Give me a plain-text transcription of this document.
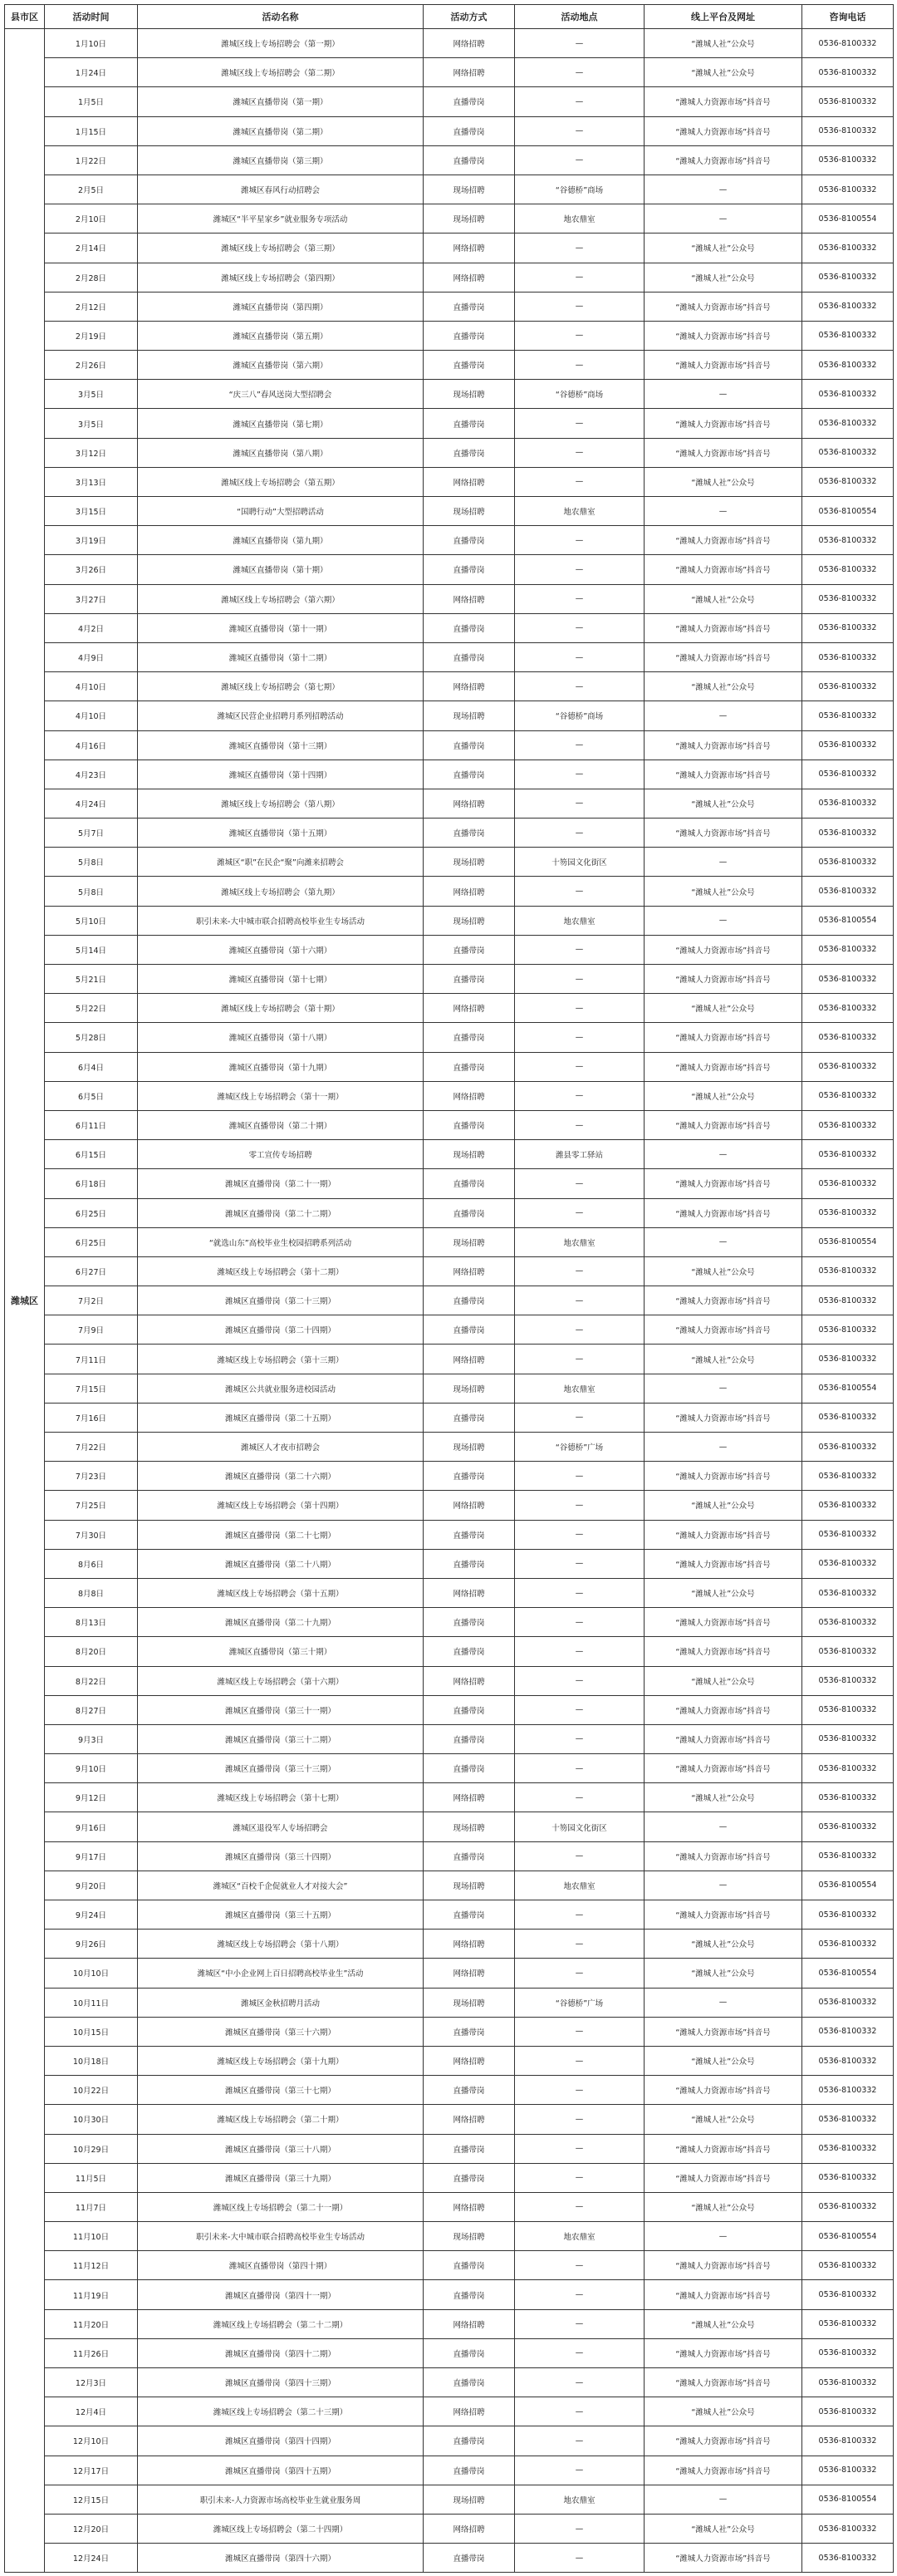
县市区	活动时间	活动名称	活动方式	活动地点	线上平台及网址	咨询电话
潍城区	1月10日	潍城区线上专场招聘会（第一期）	网络招聘	—	“潍城人社”公众号	0536-8100332
	1月24日	潍城区线上专场招聘会（第二期）	网络招聘	—	“潍城人社”公众号	0536-8100332
	1月5日	潍城区直播带岗（第一期）	直播带岗	—	“潍城人力资源市场”抖音号	0536-8100332
	1月15日	潍城区直播带岗（第二期）	直播带岗	—	“潍城人力资源市场”抖音号	0536-8100332
	1月22日	潍城区直播带岗（第三期）	直播带岗	—	“潍城人力资源市场”抖音号	0536-8100332
	2月5日	潍城区春风行动招聘会	现场招聘	“谷德桥”商场	—	0536-8100332
	2月10日	潍城区“半平星家乡”就业服务专项活动	现场招聘	地农鼎室	—	0536-8100554
	2月14日	潍城区线上专场招聘会（第三期）	网络招聘	—	“潍城人社”公众号	0536-8100332
	2月28日	潍城区线上专场招聘会（第四期）	网络招聘	—	“潍城人社”公众号	0536-8100332
	2月12日	潍城区直播带岗（第四期）	直播带岗	—	“潍城人力资源市场”抖音号	0536-8100332
	2月19日	潍城区直播带岗（第五期）	直播带岗	—	“潍城人力资源市场”抖音号	0536-8100332
	2月26日	潍城区直播带岗（第六期）	直播带岗	—	“潍城人力资源市场”抖音号	0536-8100332
	3月5日	“庆三八”春风送岗大型招聘会	现场招聘	“谷德桥”商场	—	0536-8100332
	3月5日	潍城区直播带岗（第七期）	直播带岗	—	“潍城人力资源市场”抖音号	0536-8100332
	3月12日	潍城区直播带岗（第八期）	直播带岗	—	“潍城人力资源市场”抖音号	0536-8100332
	3月13日	潍城区线上专场招聘会（第五期）	网络招聘	—	“潍城人社”公众号	0536-8100332
	3月15日	“国聘行动”大型招聘活动	现场招聘	地农鼎室	—	0536-8100554
	3月19日	潍城区直播带岗（第九期）	直播带岗	—	“潍城人力资源市场”抖音号	0536-8100332
	3月26日	潍城区直播带岗（第十期）	直播带岗	—	“潍城人力资源市场”抖音号	0536-8100332
	3月27日	潍城区线上专场招聘会（第六期）	网络招聘	—	“潍城人社”公众号	0536-8100332
	4月2日	潍城区直播带岗（第十一期）	直播带岗	—	“潍城人力资源市场”抖音号	0536-8100332
	4月9日	潍城区直播带岗（第十二期）	直播带岗	—	“潍城人力资源市场”抖音号	0536-8100332
	4月10日	潍城区线上专场招聘会（第七期）	网络招聘	—	“潍城人社”公众号	0536-8100332
	4月10日	潍城区民营企业招聘月系列招聘活动	现场招聘	“谷德桥”商场	—	0536-8100332
	4月16日	潍城区直播带岗（第十三期）	直播带岗	—	“潍城人力资源市场”抖音号	0536-8100332
	4月23日	潍城区直播带岗（第十四期）	直播带岗	—	“潍城人力资源市场”抖音号	0536-8100332
	4月24日	潍城区线上专场招聘会（第八期）	网络招聘	—	“潍城人社”公众号	0536-8100332
	5月7日	潍城区直播带岗（第十五期）	直播带岗	—	“潍城人力资源市场”抖音号	0536-8100332
	5月8日	潍城区“职”在民企“聚”向潍来招聘会	现场招聘	十笏园文化街区	—	0536-8100332
	5月8日	潍城区线上专场招聘会（第九期）	网络招聘	—	“潍城人社”公众号	0536-8100332
	5月10日	职引未来-大中城市联合招聘高校毕业生专场活动	现场招聘	地农鼎室	—	0536-8100554
	5月14日	潍城区直播带岗（第十六期）	直播带岗	—	“潍城人力资源市场”抖音号	0536-8100332
	5月21日	潍城区直播带岗（第十七期）	直播带岗	—	“潍城人力资源市场”抖音号	0536-8100332
	5月22日	潍城区线上专场招聘会（第十期）	网络招聘	—	“潍城人社”公众号	0536-8100332
	5月28日	潍城区直播带岗（第十八期）	直播带岗	—	“潍城人力资源市场”抖音号	0536-8100332
	6月4日	潍城区直播带岗（第十九期）	直播带岗	—	“潍城人力资源市场”抖音号	0536-8100332
	6月5日	潍城区线上专场招聘会（第十一期）	网络招聘	—	“潍城人社”公众号	0536-8100332
	6月11日	潍城区直播带岗（第二十期）	直播带岗	—	“潍城人力资源市场”抖音号	0536-8100332
	6月15日	零工宣传专场招聘	现场招聘	潍县零工驿站	—	0536-8100332
	6月18日	潍城区直播带岗（第二十一期）	直播带岗	—	“潍城人力资源市场”抖音号	0536-8100332
	6月25日	潍城区直播带岗（第二十二期）	直播带岗	—	“潍城人力资源市场”抖音号	0536-8100332
	6月25日	“就选山东”高校毕业生校园招聘系列活动	现场招聘	地农鼎室	—	0536-8100554
	6月27日	潍城区线上专场招聘会（第十二期）	网络招聘	—	“潍城人社”公众号	0536-8100332
	7月2日	潍城区直播带岗（第二十三期）	直播带岗	—	“潍城人力资源市场”抖音号	0536-8100332
	7月9日	潍城区直播带岗（第二十四期）	直播带岗	—	“潍城人力资源市场”抖音号	0536-8100332
	7月11日	潍城区线上专场招聘会（第十三期）	网络招聘	—	“潍城人社”公众号	0536-8100332
	7月15日	潍城区公共就业服务进校园活动	现场招聘	地农鼎室	—	0536-8100554
	7月16日	潍城区直播带岗（第二十五期）	直播带岗	—	“潍城人力资源市场”抖音号	0536-8100332
	7月22日	潍城区人才夜市招聘会	现场招聘	“谷德桥”广场	—	0536-8100332
	7月23日	潍城区直播带岗（第二十六期）	直播带岗	—	“潍城人力资源市场”抖音号	0536-8100332
	7月25日	潍城区线上专场招聘会（第十四期）	网络招聘	—	“潍城人社”公众号	0536-8100332
	7月30日	潍城区直播带岗（第二十七期）	直播带岗	—	“潍城人力资源市场”抖音号	0536-8100332
	8月6日	潍城区直播带岗（第二十八期）	直播带岗	—	“潍城人力资源市场”抖音号	0536-8100332
	8月8日	潍城区线上专场招聘会（第十五期）	网络招聘	—	“潍城人社”公众号	0536-8100332
	8月13日	潍城区直播带岗（第二十九期）	直播带岗	—	“潍城人力资源市场”抖音号	0536-8100332
	8月20日	潍城区直播带岗（第三十期）	直播带岗	—	“潍城人力资源市场”抖音号	0536-8100332
	8月22日	潍城区线上专场招聘会（第十六期）	网络招聘	—	“潍城人社”公众号	0536-8100332
	8月27日	潍城区直播带岗（第三十一期）	直播带岗	—	“潍城人力资源市场”抖音号	0536-8100332
	9月3日	潍城区直播带岗（第三十二期）	直播带岗	—	“潍城人力资源市场”抖音号	0536-8100332
	9月10日	潍城区直播带岗（第三十三期）	直播带岗	—	“潍城人力资源市场”抖音号	0536-8100332
	9月12日	潍城区线上专场招聘会（第十七期）	网络招聘	—	“潍城人社”公众号	0536-8100332
	9月16日	潍城区退役军人专场招聘会	现场招聘	十笏园文化街区	—	0536-8100332
	9月17日	潍城区直播带岗（第三十四期）	直播带岗	—	“潍城人力资源市场”抖音号	0536-8100332
	9月20日	潍城区“百校千企促就业人才对接大会”	现场招聘	地农鼎室	—	0536-8100554
	9月24日	潍城区直播带岗（第三十五期）	直播带岗	—	“潍城人力资源市场”抖音号	0536-8100332
	9月26日	潍城区线上专场招聘会（第十八期）	网络招聘	—	“潍城人社”公众号	0536-8100332
	10月10日	潍城区“中小企业网上百日招聘高校毕业生”活动	网络招聘	—	“潍城人社”公众号	0536-8100554
	10月11日	潍城区金秋招聘月活动	现场招聘	“谷德桥”广场	—	0536-8100332
	10月15日	潍城区直播带岗（第三十六期）	直播带岗	—	“潍城人力资源市场”抖音号	0536-8100332
	10月18日	潍城区线上专场招聘会（第十九期）	网络招聘	—	“潍城人社”公众号	0536-8100332
	10月22日	潍城区直播带岗（第三十七期）	直播带岗	—	“潍城人力资源市场”抖音号	0536-8100332
	10月30日	潍城区线上专场招聘会（第二十期）	网络招聘	—	“潍城人社”公众号	0536-8100332
	10月29日	潍城区直播带岗（第三十八期）	直播带岗	—	“潍城人力资源市场”抖音号	0536-8100332
	11月5日	潍城区直播带岗（第三十九期）	直播带岗	—	“潍城人力资源市场”抖音号	0536-8100332
	11月7日	潍城区线上专场招聘会（第二十一期）	网络招聘	—	“潍城人社”公众号	0536-8100332
	11月10日	职引未来-大中城市联合招聘高校毕业生专场活动	现场招聘	地农鼎室	—	0536-8100554
	11月12日	潍城区直播带岗（第四十期）	直播带岗	—	“潍城人力资源市场”抖音号	0536-8100332
	11月19日	潍城区直播带岗（第四十一期）	直播带岗	—	“潍城人力资源市场”抖音号	0536-8100332
	11月20日	潍城区线上专场招聘会（第二十二期）	网络招聘	—	“潍城人社”公众号	0536-8100332
	11月26日	潍城区直播带岗（第四十二期）	直播带岗	—	“潍城人力资源市场”抖音号	0536-8100332
	12月3日	潍城区直播带岗（第四十三期）	直播带岗	—	“潍城人力资源市场”抖音号	0536-8100332
	12月4日	潍城区线上专场招聘会（第二十三期）	网络招聘	—	“潍城人社”公众号	0536-8100332
	12月10日	潍城区直播带岗（第四十四期）	直播带岗	—	“潍城人力资源市场”抖音号	0536-8100332
	12月17日	潍城区直播带岗（第四十五期）	直播带岗	—	“潍城人力资源市场”抖音号	0536-8100332
	12月15日	职引未来-人力资源市场高校毕业生就业服务周	现场招聘	地农鼎室	—	0536-8100554
	12月20日	潍城区线上专场招聘会（第二十四期）	网络招聘	—	“潍城人社”公众号	0536-8100332
	12月24日	潍城区直播带岗（第四十六期）	直播带岗	—	“潍城人力资源市场”抖音号	0536-8100332
